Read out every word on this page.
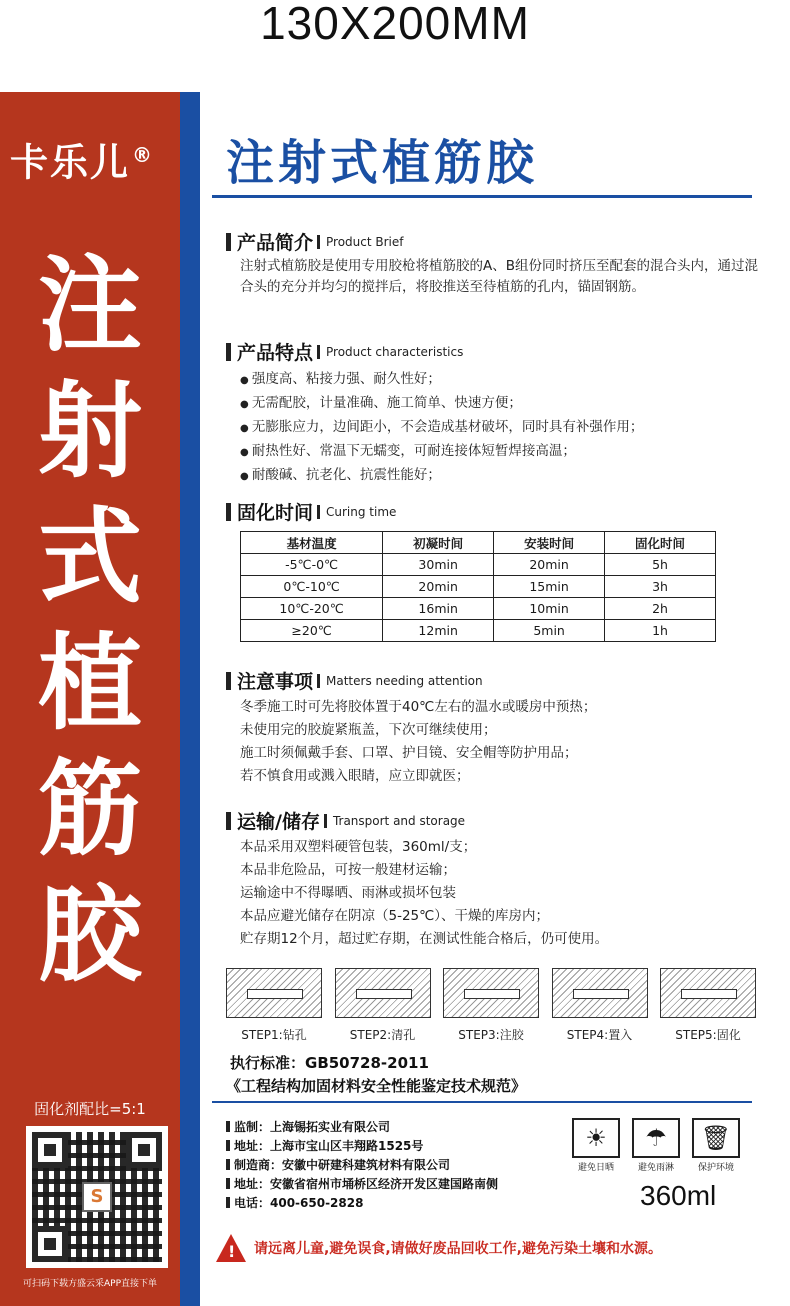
130X200MM
卡乐儿 ®
注
射
式
植
筋
胶
固化剂配比=5:1
S
可扫码下载方盛云采APP直接下单
注射式植筋胶
产品简介 Product Brief
注射式植筋胶是使用专用胶枪将植筋胶的A、B组份同时挤压至配套的混合头内，通过混合头的充分并均匀的搅拌后，将胶推送至待植筋的孔内，锚固钢筋。
产品特点 Product characteristics
● 强度高、粘接力强、耐久性好；
● 无需配胶，计量准确、施工简单、快速方便；
● 无膨胀应力，边间距小，不会造成基材破坏，同时具有补强作用；
● 耐热性好、常温下无蠕变，可耐连接体短暂焊接高温；
● 耐酸碱、抗老化、抗震性能好；
固化时间 Curing time
基材温度	初凝时间	安装时间	固化时间
-5℃-0℃	30min	20min	5h
0℃-10℃	20min	15min	3h
10℃-20℃	16min	10min	2h
≥20℃	12min	5min	1h
注意事项 Matters needing attention
冬季施工时可先将胶体置于40℃左右的温水或暖房中预热；
未使用完的胶旋紧瓶盖，下次可继续使用；
施工时须佩戴手套、口罩、护目镜、安全帽等防护用品；
若不慎食用或溅入眼睛，应立即就医；
运输/储存 Transport and storage
本品采用双塑料硬管包装，360ml/支；
本品非危险品，可按一般建材运输；
运输途中不得曝晒、雨淋或损坏包装
本品应避光储存在阴凉（5-25℃）、干燥的库房内；
贮存期12个月，超过贮存期，在测试性能合格后，仍可使用。
STEP1:钻孔	STEP2:清孔	STEP3:注胶	STEP4:置入	STEP5:固化
执行标准：GB50728-2011
《工程结构加固材料安全性能鉴定技术规范》
监制：上海锡拓实业有限公司
地址：上海市宝山区丰翔路1525号
制造商：安徽中研建科建筑材料有限公司
地址：安徽省宿州市埇桥区经济开发区建国路南侧
电话：400-650-2828
☀
避免日晒
☂
避免雨淋
🗑
保护环境
360ml
!
请远离儿童,避免误食,请做好废品回收工作,避免污染土壤和水源。
